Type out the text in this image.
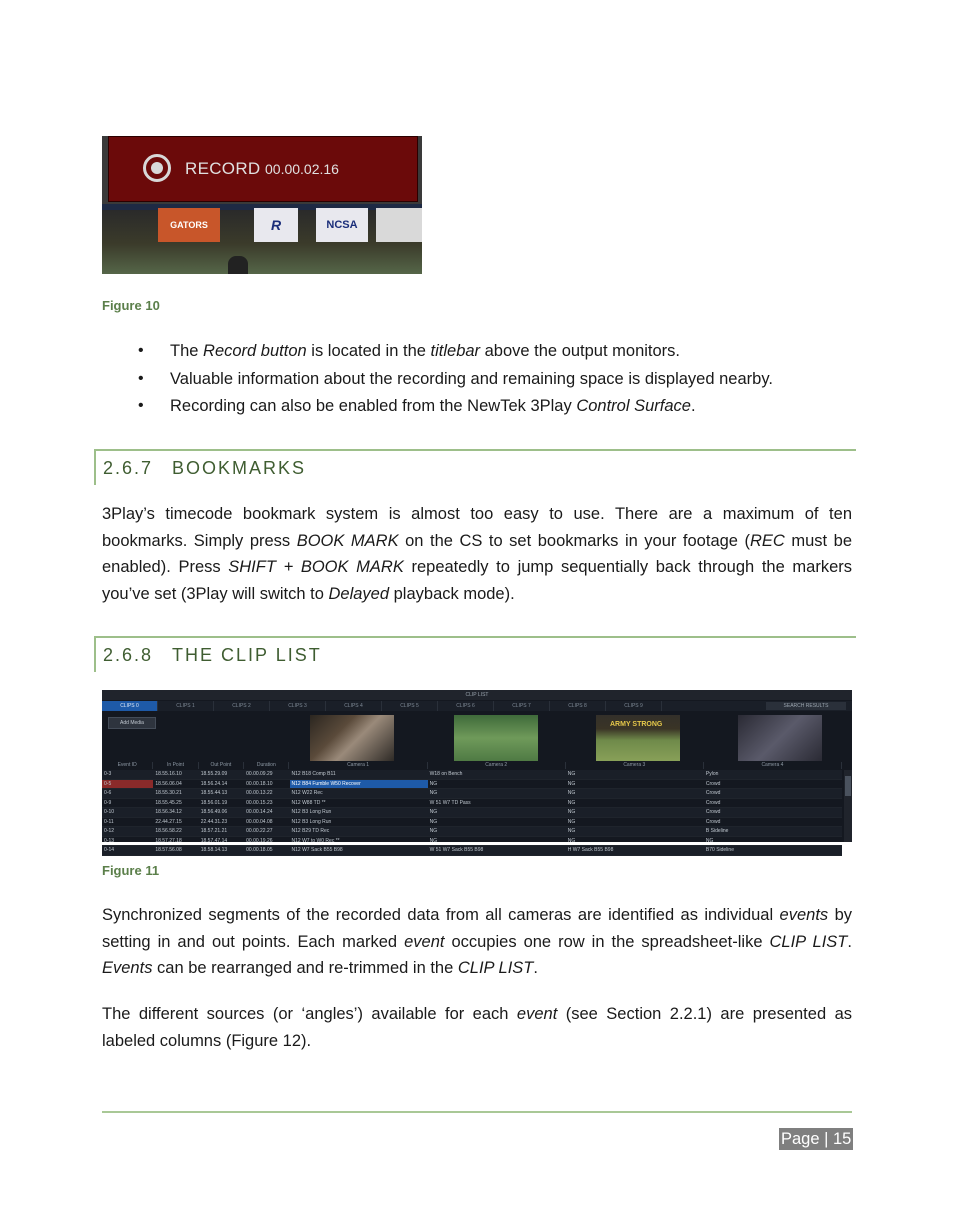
RECORD 00.00.02.16
GATORS	R	NCSA
Figure 10
• The Record button is located in the titlebar above the output monitors.
• Valuable information about the recording and remaining space is displayed nearby.
• Recording can also be enabled from the NewTek 3Play Control Surface.
2.6.7 BOOKMARKS

3Play’s timecode bookmark system is almost too easy to use. There are a maximum of ten bookmarks. Simply press BOOK MARK on the CS to set bookmarks in your footage (REC must be enabled). Press SHIFT + BOOK MARK repeatedly to jump sequentially back through the markers you’ve set (3Play will switch to Delayed playback mode).

2.6.8 THE CLIP LIST
CLIP LIST
CLIPS 0	CLIPS 1	CLIPS 2	CLIPS 3	CLIPS 4	CLIPS 5	CLIPS 6	CLIPS 7	CLIPS 8	CLIPS 9	SEARCH RESULTS
Add Media	ARMY STRONG
Event ID	In Point	Out Point	Duration	Camera 1	Camera 2	Camera 3	Camera 4
0-3	18.55.16.10	18.55.29.09	00.00.09.29	N12 B18 Comp B11	W18 on Bench	NG	Pylon
0-5	18.56.06.04	18.56.24.14	00.00.18.10	N12 B84 Fumble W50 Recover	NG	NG	Crowd
0-6	18.55.30.21	18.55.44.13	00.00.13.22	N12 W22 Rec	NG	NG	Crowd
0-9	18.55.45.25	18.56.01.19	00.00.15.23	N12 W88 TD **	W 51 W7 TD Pass	NG	Crowd
0-10	18.56.34.12	18.56.49.06	00.00.14.24	N12 B3 Long Run	NG	NG	Crowd
0-11	22.44.27.15	22.44.31.23	00.00.04.08	N12 B3 Long Run	NG	NG	Crowd
0-12	18.56.58.22	18.57.21.21	00.00.22.27	N12 B29 TD Rec	NG	NG	B Sideline
0-13	18.57.27.18	18.57.47.14	00.00.19.26	N12 W7 to W0 Rec **	NG	NG	NG
0-14	18.57.56.08	18.58.14.13	00.00.18.05	N12 W7 Sack B55 B98	W 51 W7 Sack B55 B98	H W7 Sack B55 B98	B70 Sideline
Figure 11

Synchronized segments of the recorded data from all cameras are identified as individual events by setting in and out points. Each marked event occupies one row in the spreadsheet-like CLIP LIST. Events can be rearranged and re-trimmed in the CLIP LIST.

The different sources (or ‘angles’) available for each event (see Section 2.2.1) are presented as labeled columns (Figure 12).

Page | 15
